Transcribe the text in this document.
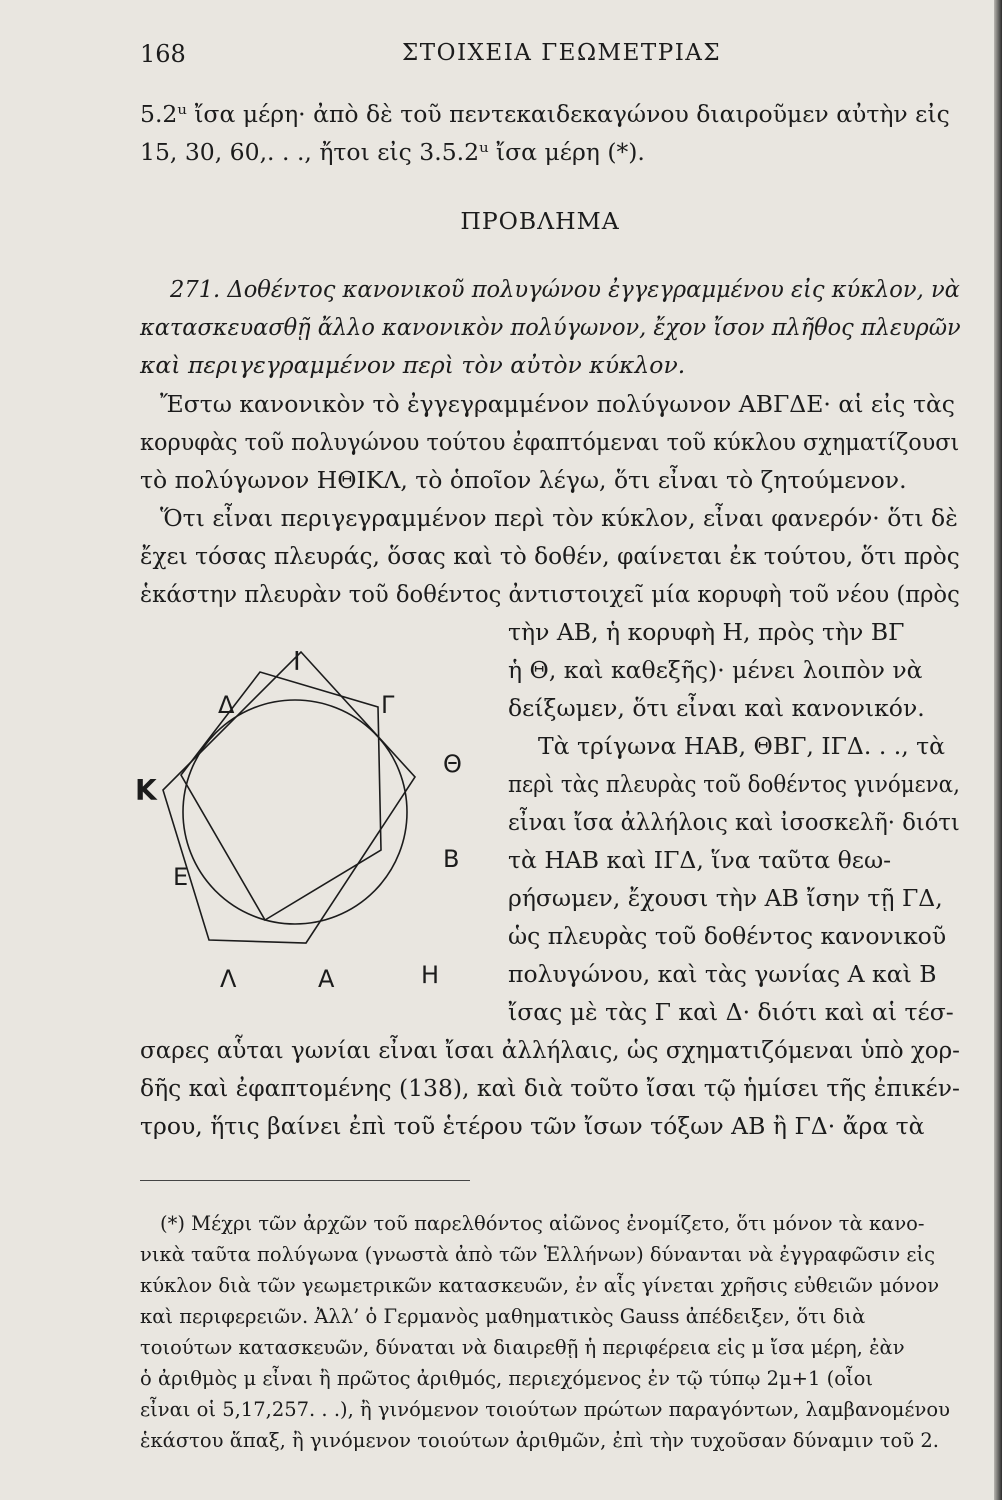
168	ΣΤΟΙΧΕΙΑ ΓΕΩΜΕΤΡΙΑΣ
5.2ᵘ ἴσα μέρη· ἀπὸ δὲ τοῦ πεντεκαιδεκαγώνου διαιροῦμεν αὐτὴν εἰς
15, 30, 60,. . ., ἤτοι εἰς 3.5.2ᵘ ἴσα μέρη (*).
ΠΡΟΒΛΗΜΑ
271. Δοθέντος κανονικοῦ πολυγώνου ἐγγεγραμμένου εἰς κύκλον, νὰ
κατασκευασθῇ ἄλλο κανονικὸν πολύγωνον, ἔχον ἴσον πλῆθος πλευρῶν
καὶ περιγεγραμμένον περὶ τὸν αὐτὸν κύκλον.
Ἔστω κανονικὸν τὸ ἐγγεγραμμένον πολύγωνον ΑΒΓΔΕ· αἱ εἰς τὰς
κορυφὰς τοῦ πολυγώνου τούτου ἐφαπτόμεναι τοῦ κύκλου σχηματίζουσι
τὸ πολύγωνον ΗΘΙΚΛ, τὸ ὁποῖον λέγω, ὅτι εἶναι τὸ ζητούμενον.
Ὅτι εἶναι περιγεγραμμένον περὶ τὸν κύκλον, εἶναι φανερόν· ὅτι δὲ
ἔχει τόσας πλευράς, ὅσας καὶ τὸ δοθέν, φαίνεται ἐκ τούτου, ὅτι πρὸς
ἑκάστην πλευρὰν τοῦ δοθέντος ἀντιστοιχεῖ μία κορυφὴ τοῦ νέου (πρὸς
τὴν ΑΒ, ἡ κορυφὴ Η, πρὸς τὴν ΒΓ
ἡ Θ, καὶ καθεξῆς)· μένει λοιπὸν νὰ
δείξωμεν, ὅτι εἶναι καὶ κανονικόν.
Τὰ τρίγωνα ΗΑΒ, ΘΒΓ, ΙΓΔ. . ., τὰ
περὶ τὰς πλευρὰς τοῦ δοθέντος γινόμενα,
εἶναι ἴσα ἀλλήλοις καὶ ἰσοσκελῆ· διότι
τὰ ΗΑΒ καὶ ΙΓΔ, ἵνα ταῦτα θεω-
ρήσωμεν, ἔχουσι τὴν ΑΒ ἴσην τῇ ΓΔ,
ὡς πλευρὰς τοῦ δοθέντος κανονικοῦ
πολυγώνου, καὶ τὰς γωνίας Α καὶ Β
ἴσας μὲ τὰς Γ καὶ Δ· διότι καὶ αἱ τέσ-
σαρες αὗται γωνίαι εἶναι ἴσαι ἀλλήλαις, ὡς σχηματιζόμεναι ὑπὸ χορ-
δῆς καὶ ἐφαπτομένης (138), καὶ διὰ τοῦτο ἴσαι τῷ ἡμίσει τῆς ἐπικέν-
τρου, ἥτις βαίνει ἐπὶ τοῦ ἑτέρου τῶν ἴσων τόξων ΑΒ ἢ ΓΔ· ἄρα τὰ
Ι
Δ	Γ
Θ
Κ
Ε
Β
Λ	Α	Η
(*) Μέχρι τῶν ἀρχῶν τοῦ παρελθόντος αἰῶνος ἐνομίζετο, ὅτι μόνον τὰ κανο-
νικὰ ταῦτα πολύγωνα (γνωστὰ ἀπὸ τῶν Ἑλλήνων) δύνανται νὰ ἐγγραφῶσιν εἰς
κύκλον διὰ τῶν γεωμετρικῶν κατασκευῶν, ἐν αἷς γίνεται χρῆσις εὐθειῶν μόνον
καὶ περιφερειῶν. Ἀλλ’ ὁ Γερμανὸς μαθηματικὸς Gauss ἀπέδειξεν, ὅτι διὰ
τοιούτων κατασκευῶν, δύναται νὰ διαιρεθῇ ἡ περιφέρεια εἰς μ ἴσα μέρη, ἐὰν
ὁ ἀριθμὸς μ εἶναι ἢ πρῶτος ἀριθμός, περιεχόμενος ἐν τῷ τύπῳ 2μ+1 (οἷοι
εἶναι οἱ 5,17,257. . .), ἢ γινόμενον τοιούτων πρώτων παραγόντων, λαμβανομένου
ἑκάστου ἅπαξ, ἢ γινόμενον τοιούτων ἀριθμῶν, ἐπὶ τὴν τυχοῦσαν δύναμιν τοῦ 2.
